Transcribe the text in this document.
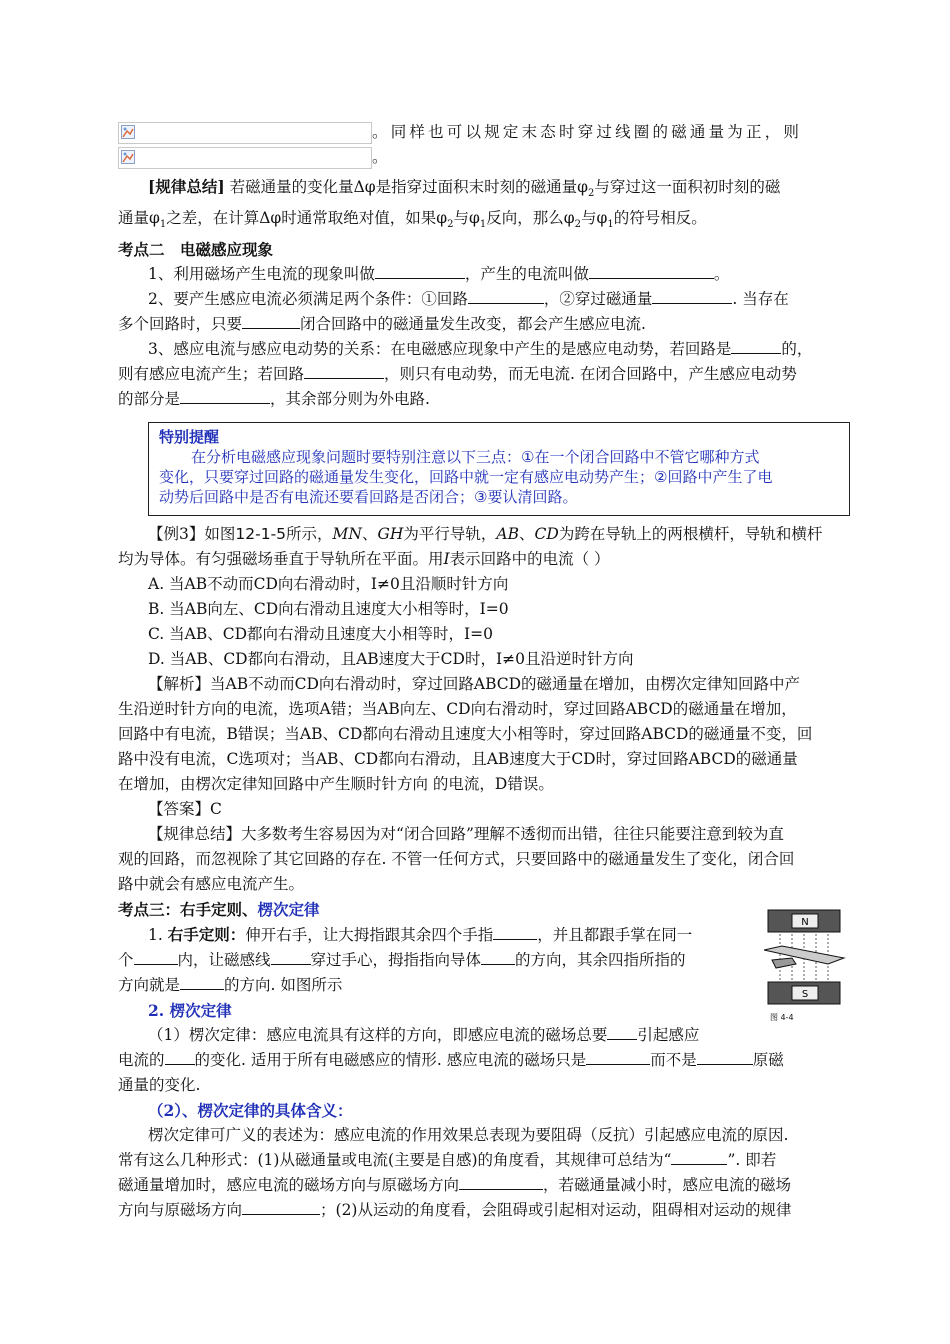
。同样也可以规定末态时穿过线圈的磁通量为正，则
。
[规律总结] 若磁通量的变化量Δφ是指穿过面积末时刻的磁通量$\varphi_2$与穿过这一面积初时刻的磁
通量$\varphi_1$之差，在计算Δφ时通常取绝对值，如果$\varphi_2$与$\varphi_1$反向，那么$\varphi_2$与$\varphi_1$的符号相反。
考点二　电磁感应现象
1、利用磁场产生电流的现象叫做	，产生的电流叫做	。
2、要产生感应电流必须满足两个条件：①回路	，②穿过磁通量	. 当存在
多个回路时，只要	闭合回路中的磁通量发生改变，都会产生感应电流.
3、感应电流与感应电动势的关系：在电磁感应现象中产生的是感应电动势，若回路是	的，
则有感应电流产生；若回路	，则只有电动势，而无电流. 在闭合回路中，产生感应电动势
的部分是	，其余部分则为外电路.
特别提醒
在分析电磁感应现象问题时要特别注意以下三点：①在一个闭合回路中不管它哪种方式
变化，只要穿过回路的磁通量发生变化，回路中就一定有感应电动势产生；②回路中产生了电
动势后回路中是否有电流还要看回路是否闭合；③要认清回路。
【例3】如图12-1-5所示，MN、GH为平行导轨，AB、CD为跨在导轨上的两根横杆，导轨和横杆
均为导体。有匀强磁场垂直于导轨所在平面。用I表示回路中的电流（ ）
A. 当AB不动而CD向右滑动时，I≠0且沿顺时针方向
B. 当AB向左、CD向右滑动且速度大小相等时，I=0
C. 当AB、CD都向右滑动且速度大小相等时，I=0
D. 当AB、CD都向右滑动，且AB速度大于CD时，I≠0且沿逆时针方向
【解析】当AB不动而CD向右滑动时，穿过回路ABCD的磁通量在增加，由楞次定律知回路中产
生沿逆时针方向的电流，选项A错；当AB向左、CD向右滑动时，穿过回路ABCD的磁通量在增加，
回路中有电流，B错误；当AB、CD都向右滑动且速度大小相等时，穿过回路ABCD的磁通量不变，回
路中没有电流，C选项对；当AB、CD都向右滑动，且AB速度大于CD时，穿过回路ABCD的磁通量
在增加，由楞次定律知回路中产生顺时针方向 的电流，D错误。
【答案】C
【规律总结】大多数考生容易因为对“闭合回路”理解不透彻而出错，往往只能要注意到较为直
观的回路，而忽视除了其它回路的存在. 不管一任何方式，只要回路中的磁通量发生了变化，闭合回
路中就会有感应电流产生。
考点三：右手定则、楞次定律
1. 右手定则：伸开右手，让大拇指跟其余四个手指	，并且都跟手掌在同一
个	内，让磁感线	穿过手心，拇指指向导体 的方向，其余四指所指的
方向就是	的方向. 如图所示
2. 楞次定律
（1）楞次定律：感应电流具有这样的方向，即感应电流的磁场总要 引起感应
电流的 的变化. 适用于所有电磁感应的情形. 感应电流的磁场只是	而不是	原磁
通量的变化.
（2）、楞次定律的具体含义：
楞次定律可广义的表述为：感应电流的作用效果总表现为要阻碍（反抗）引起感应电流的原因.
常有这么几种形式：(1)从磁通量或电流(主要是自感)的角度看，其规律可总结为“	”. 即若
磁通量增加时，感应电流的磁场方向与原磁场方向	，若磁通量减小时，感应电流的磁场
方向与原磁场方向	；(2)从运动的角度看，会阻碍或引起相对运动，阻碍相对运动的规律
N
S
图 4-4
